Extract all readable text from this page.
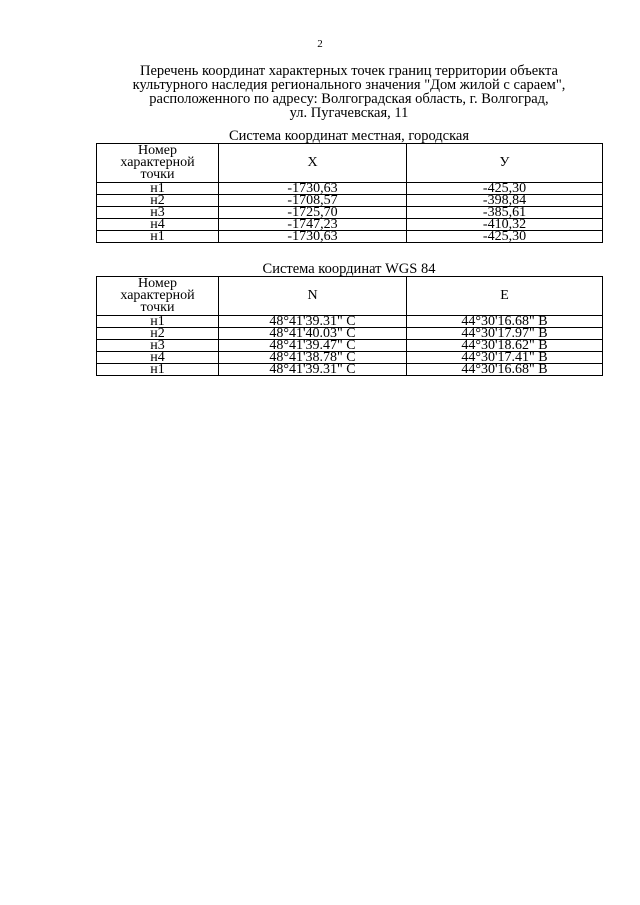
2
Перечень координат характерных точек границ территории объекта
культурного наследия регионального значения "Дом жилой с сараем",
расположенного по адресу: Волгоградская область, г. Волгоград,
ул. Пугачевская, 11
Система координат местная, городская
Номер
характерной
точки	X	У
н1	-1730,63	-425,30
н2	-1708,57	-398,84
н3	-1725,70	-385,61
н4	-1747,23	-410,32
н1	-1730,63	-425,30
Система координат WGS 84
Номер
характерной
точки	N	E
н1	48°41'39.31" С	44°30'16.68" В
н2	48°41'40.03" С	44°30'17.97" В
н3	48°41'39.47" С	44°30'18.62" В
н4	48°41'38.78" С	44°30'17.41" В
н1	48°41'39.31" С	44°30'16.68" В
